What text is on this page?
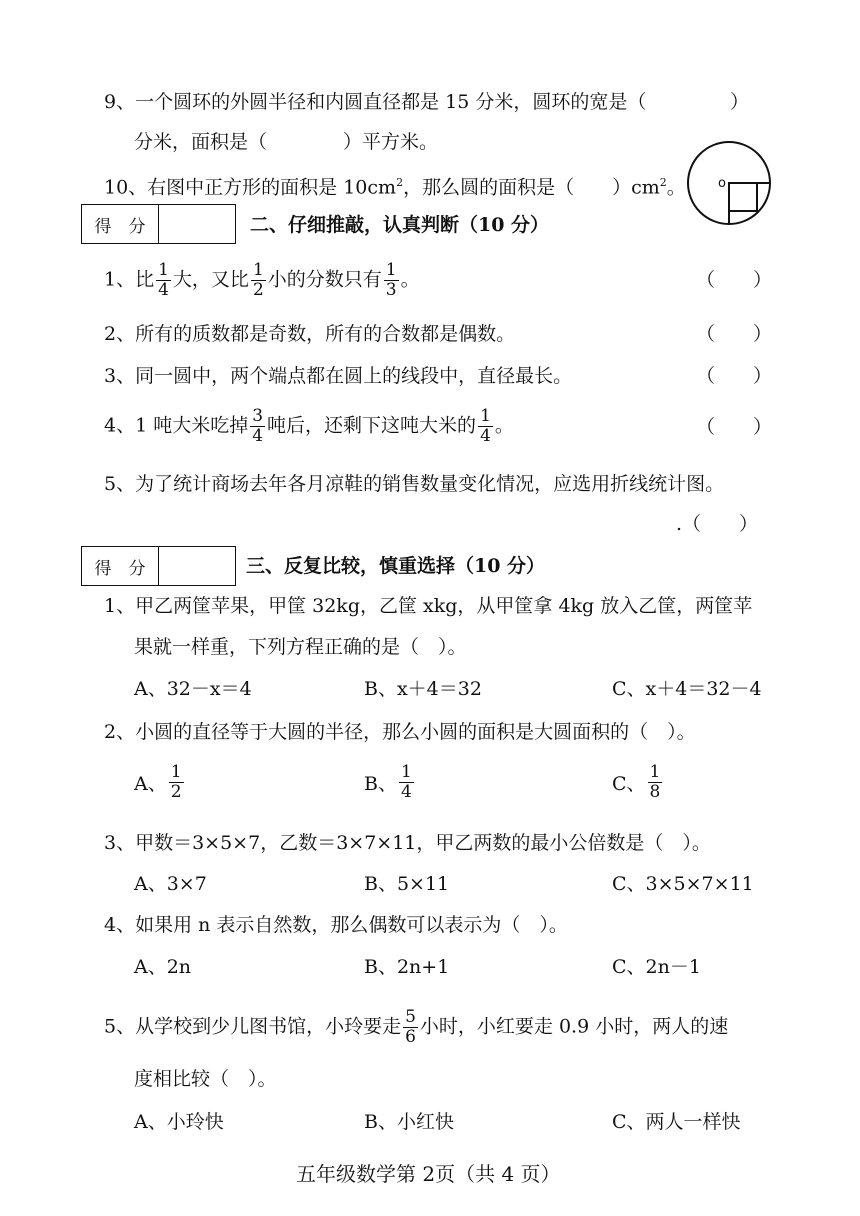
9、一个圆环的外圆半径和内圆直径都是 15 分米，圆环的宽是（	）
分米，面积是（　　　　）平方米。
10、右图中正方形的面积是 $10cm^2$，那么圆的面积是（　　）$cm^2$。 o
得　分	二、仔细推敲，认真判断（10 分）
1、比 $\frac{1}{4}$ 大，又比 $\frac{1}{2}$ 小的分数只有 $\frac{1}{3}$ 。	（　　）
2、所有的质数都是奇数，所有的合数都是偶数。	（　　）
3、同一圆中，两个端点都在圆上的线段中，直径最长。	（　　）
4、1 吨大米吃掉 $\frac{3}{4}$ 吨后，还剩下这吨大米的 $\frac{1}{4}$ 。	（　　）
5、为了统计商场去年各月凉鞋的销售数量变化情况，应选用折线统计图。
.（　　）
得　分	三、反复比较，慎重选择（10 分）
1、甲乙两筐苹果，甲筐 32kg，乙筐 xkg，从甲筐拿 4kg 放入乙筐，两筐苹
果就一样重，下列方程正确的是（　）。
A、32－x＝4	B、x＋4＝32	C、x＋4＝32－4
2、小圆的直径等于大圆的半径，那么小圆的面积是大圆面积的（　）。
A、 $\frac{1}{2}$	B、 $\frac{1}{4}$	C、 $\frac{1}{8}$
3、甲数＝3×5×7，乙数＝3×7×11，甲乙两数的最小公倍数是（　）。
A、3×7	B、5×11	C、3×5×7×11
4、如果用 n 表示自然数，那么偶数可以表示为（　）。
A、2n	B、2n+1	C、2n－1
5、从学校到少儿图书馆，小玲要走 $\frac{5}{6}$ 小时，小红要走 0.9 小时，两人的速
度相比较（　）。
A、小玲快	B、小红快	C、两人一样快
五年级数学第 2页（共 4 页）
